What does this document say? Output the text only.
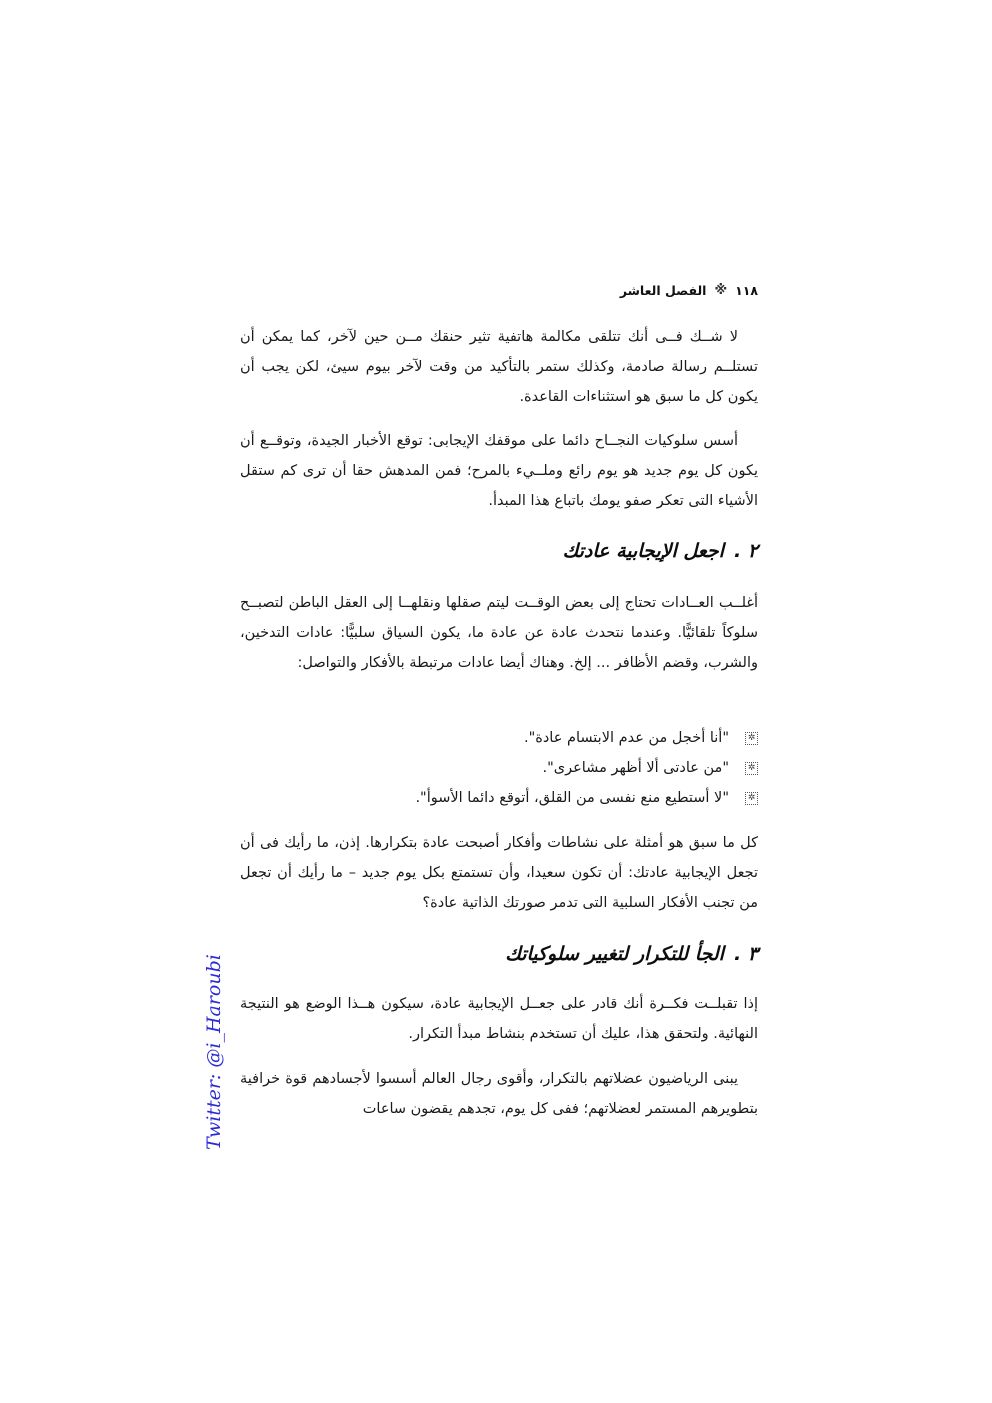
١١٨
※
الفصل العاشر

لا شــك فــى أنك تتلقى مكالمة هاتفية تثير حنقك مــن حين لآخر، كما يمكن أن تستلــم رسالة صادمة، وكذلك ستمر بالتأكيد من وقت لآخر بيوم سيئ، لكن يجب أن يكون كل ما سبق هو استثناءات القاعدة.

أسس سلوكيات النجــاح دائما على موقفك الإيجابى: توقع الأخبار الجيدة، وتوقــع أن يكون كل يوم جديد هو يوم رائع وملــيء بالمرح؛ فمن المدهش حقا أن ترى كم ستقل الأشياء التى تعكر صفو يومك باتباع هذا المبدأ.

٢ .
اجعل الإيجابية عادتك

أغلــب العــادات تحتاج إلى بعض الوقــت ليتم صقلها ونقلهــا إلى العقل الباطن لتصبــح سلوكاً تلقائيًّا. وعندما نتحدث عادة عن عادة ما، يكون السياق سلبيًّا: عادات التدخين، والشرب، وقضم الأظافر ... إلخ. وهناك أيضا عادات مرتبطة بالأفكار والتواصل:

✲
"أنا أخجل من عدم الابتسام عادة".
✲
"من عادتى ألا أظهر مشاعرى".
✲
"لا أستطيع منع نفسى من القلق، أتوقع دائما الأسوأ".

كل ما سبق هو أمثلة على نشاطات وأفكار أصبحت عادة بتكرارها. إذن، ما رأيك فى أن تجعل الإيجابية عادتك: أن تكون سعيدا، وأن تستمتع بكل يوم جديد – ما رأيك أن تجعل من تجنب الأفكار السلبية التى تدمر صورتك الذاتية عادة؟

٣ .
الجأ للتكرار لتغيير سلوكياتك

إذا تقبلــت فكــرة أنك قادر على جعــل الإيجابية عادة، سيكون هــذا الوضع هو النتيجة النهائية. ولتحقق هذا، عليك أن تستخدم بنشاط مبدأ التكرار.

يبنى الرياضيون عضلاتهم بالتكرار، وأقوى رجال العالم أسسوا لأجسادهم قوة خرافية بتطويرهم المستمر لعضلاتهم؛ ففى كل يوم، تجدهم يقضون ساعات

Twitter: @i_Haroubi
